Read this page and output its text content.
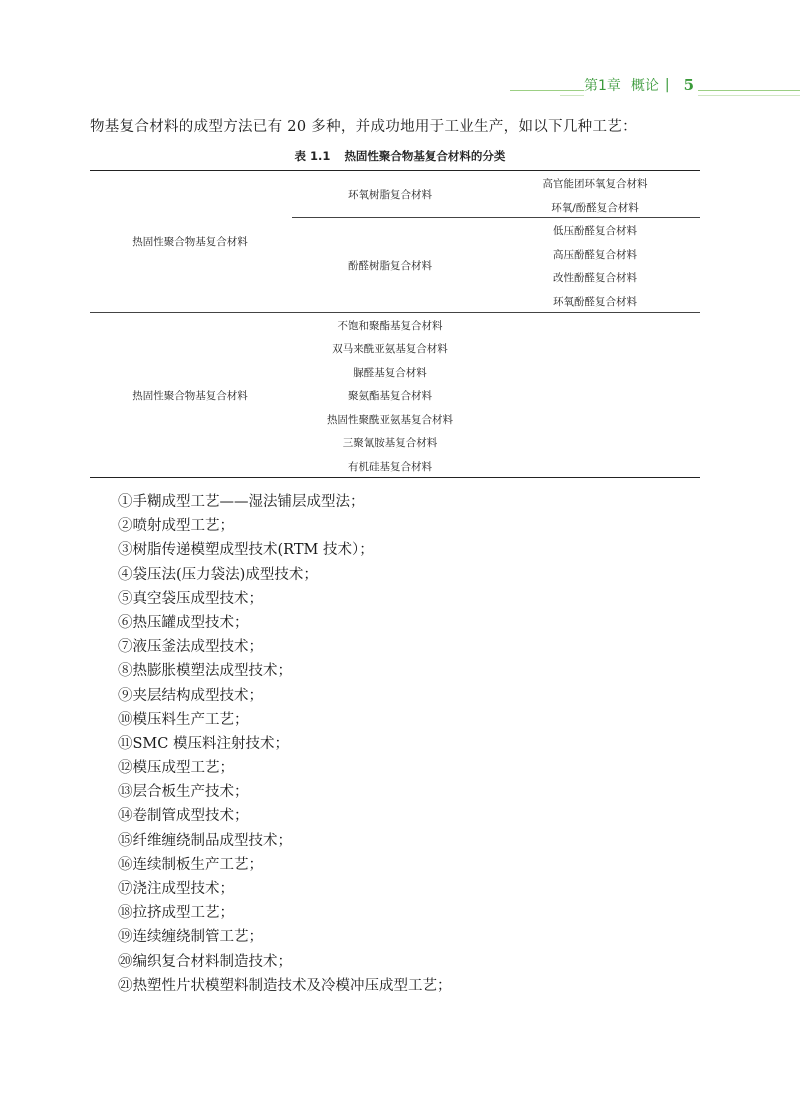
第1章 概论 | 5
物基复合材料的成型方法已有 20 多种，并成功地用于工业生产，如以下几种工艺：
表 1.1 热固性聚合物基复合材料的分类
热固性聚合物基复合材料
环氧树脂复合材料
高官能团环氧复合材料
环氧/酚醛复合材料
酚醛树脂复合材料
低压酚醛复合材料
高压酚醛复合材料
改性酚醛复合材料
环氧酚醛复合材料
热固性聚合物基复合材料
不饱和聚酯基复合材料
双马来酰亚氨基复合材料
脲醛基复合材料
聚氨酯基复合材料
热固性聚酰亚氨基复合材料
三聚氰胺基复合材料
有机硅基复合材料
①手糊成型工艺——湿法铺层成型法；
②喷射成型工艺；
③树脂传递模塑成型技术(RTM 技术）；
④袋压法(压力袋法)成型技术；
⑤真空袋压成型技术；
⑥热压罐成型技术；
⑦液压釜法成型技术；
⑧热膨胀模塑法成型技术；
⑨夹层结构成型技术；
⑩模压料生产工艺；
⑪SMC 模压料注射技术；
⑫模压成型工艺；
⑬层合板生产技术；
⑭卷制管成型技术；
⑮纤维缠绕制品成型技术；
⑯连续制板生产工艺；
⑰浇注成型技术；
⑱拉挤成型工艺；
⑲连续缠绕制管工艺；
⑳编织复合材料制造技术；
㉑热塑性片状模塑料制造技术及冷模冲压成型工艺；
